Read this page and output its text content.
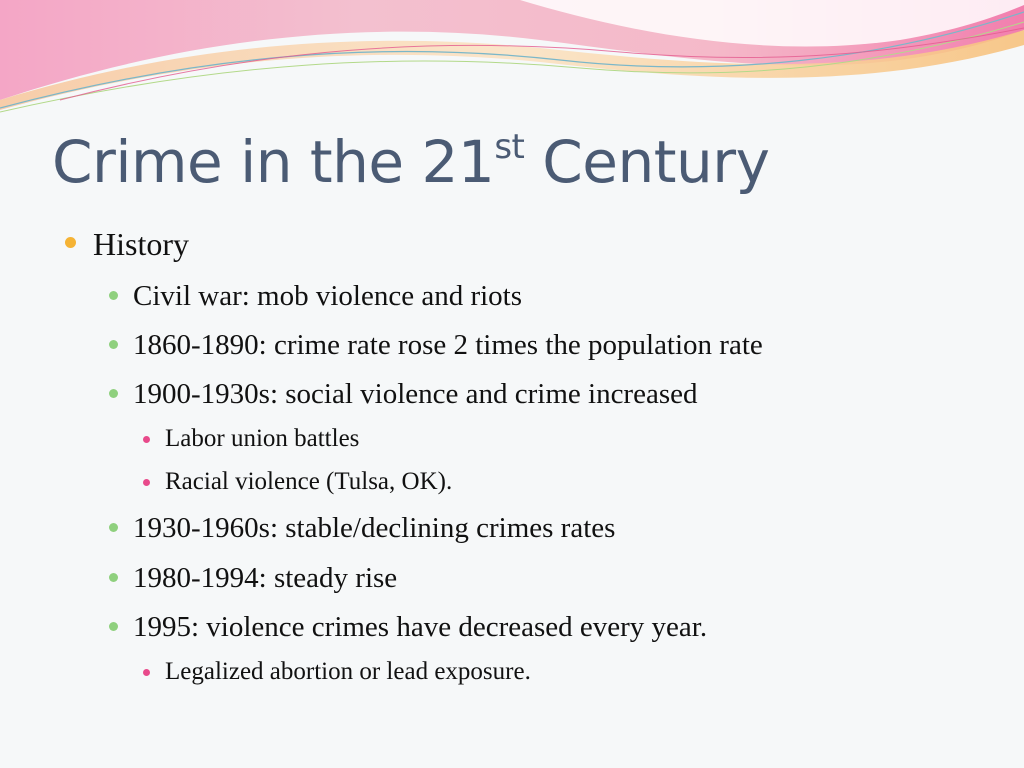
Crime in the 21st Century
History
Civil war: mob violence and riots
1860-1890: crime rate rose 2 times the population rate
1900-1930s: social violence and crime increased
Labor union battles
Racial violence (Tulsa, OK).
1930-1960s: stable/declining crimes rates
1980-1994: steady rise
1995: violence crimes have decreased every year.
Legalized abortion or lead exposure.
